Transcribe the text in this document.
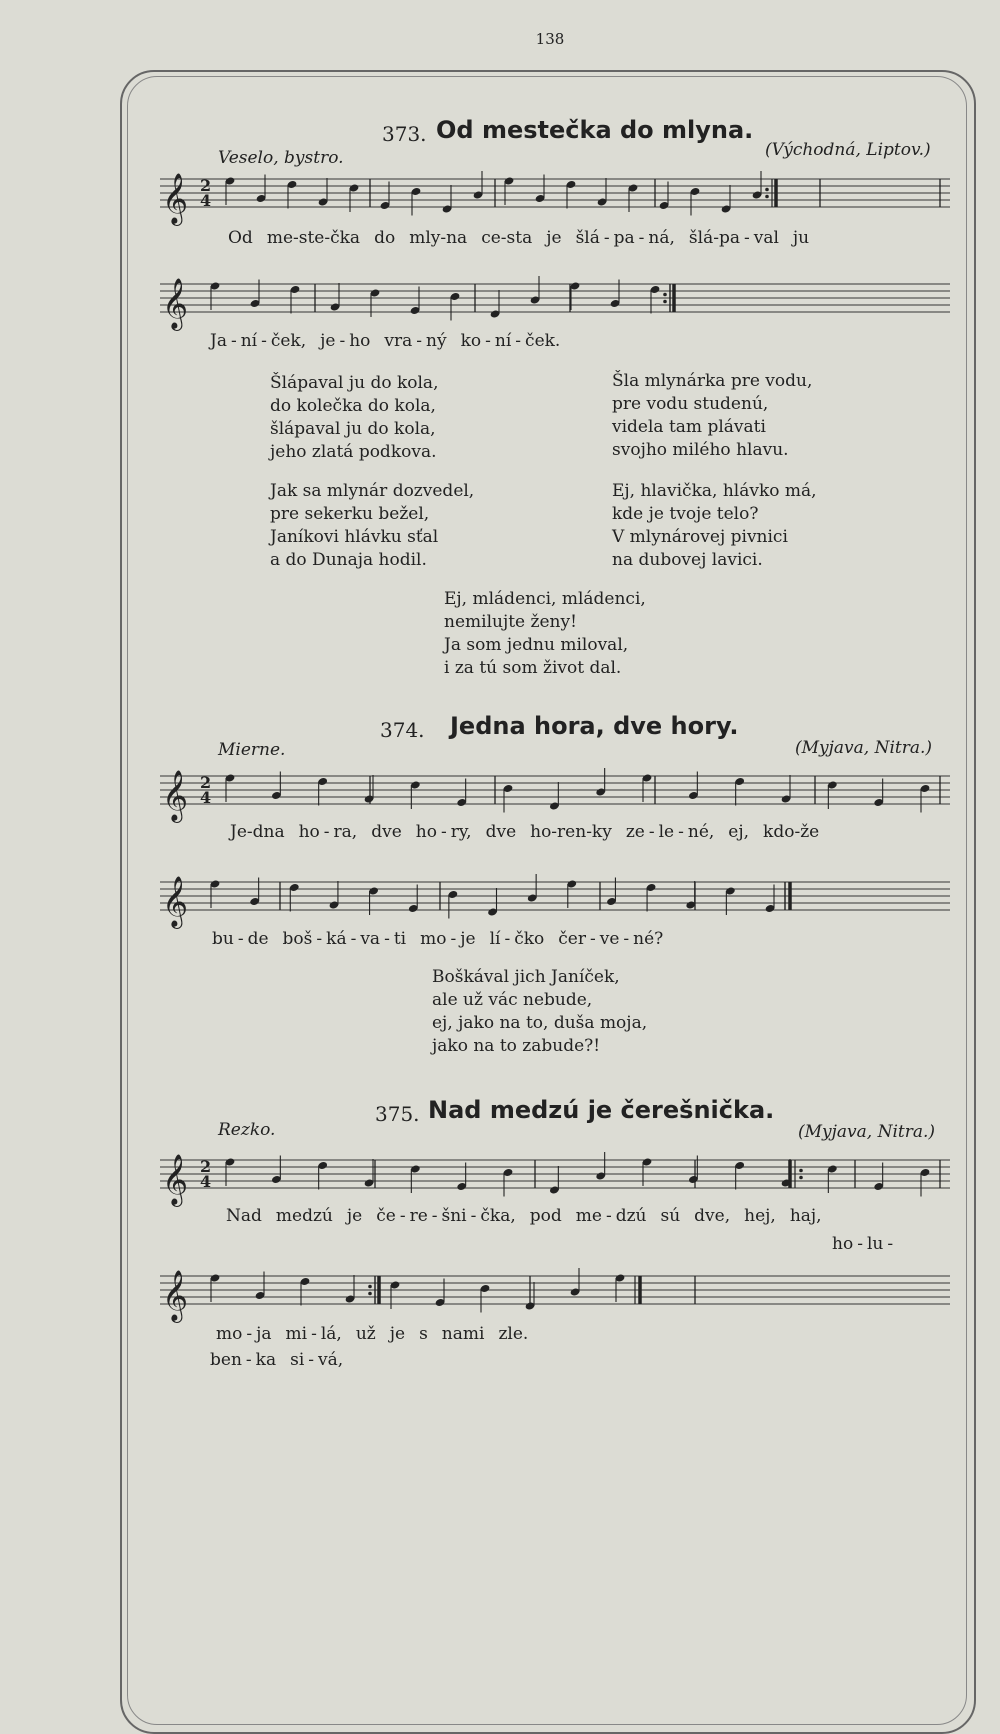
138
373. Od mestečka do mlyna.
Veselo, bystro.	(Východná, Liptov.)
𝄞 2
4
Od me-ste-čka do mly-na ce-sta je šlá - pa - ná, šlá-pa - val ju
𝄞
Ja - ní - ček, je - ho vra - ný ko - ní - ček.
Šlápaval ju do kola,
do kolečka do kola,
šlápaval ju do kola,
jeho zlatá podkova.
Šla mlynárka pre vodu,
pre vodu studenú,
videla tam plávati
svojho milého hlavu.
Jak sa mlynár dozvedel,
pre sekerku bežel,
Janíkovi hlávku sťal
a do Dunaja hodil.
Ej, hlavička, hlávko má,
kde je tvoje telo?
V mlynárovej pivnici
na dubovej lavici.
Ej, mládenci, mládenci,
nemilujte ženy!
Ja som jednu miloval,
i za tú som život dal.
374. Jedna hora, dve hory.
Mierne.	(Myjava, Nitra.)
𝄞 2
4
Je-dna ho - ra, dve ho - ry, dve ho-ren-ky ze - le - né, ej, kdo-že
𝄞
bu - de boš - ká - va - ti mo - je lí - čko čer - ve - né?
Boškával jich Janíček,
ale už vác nebude,
ej, jako na to, duša moja,
jako na to zabude?!
375. Nad medzú je čerešnička.
Rezko.	(Myjava, Nitra.)
𝄞 2
4
Nad medzú je če - re - šni - čka, pod me - dzú sú dve, hej, haj,
ho - lu -
𝄞
mo - ja mi - lá, už je s nami zle.
ben - ka si - vá,
